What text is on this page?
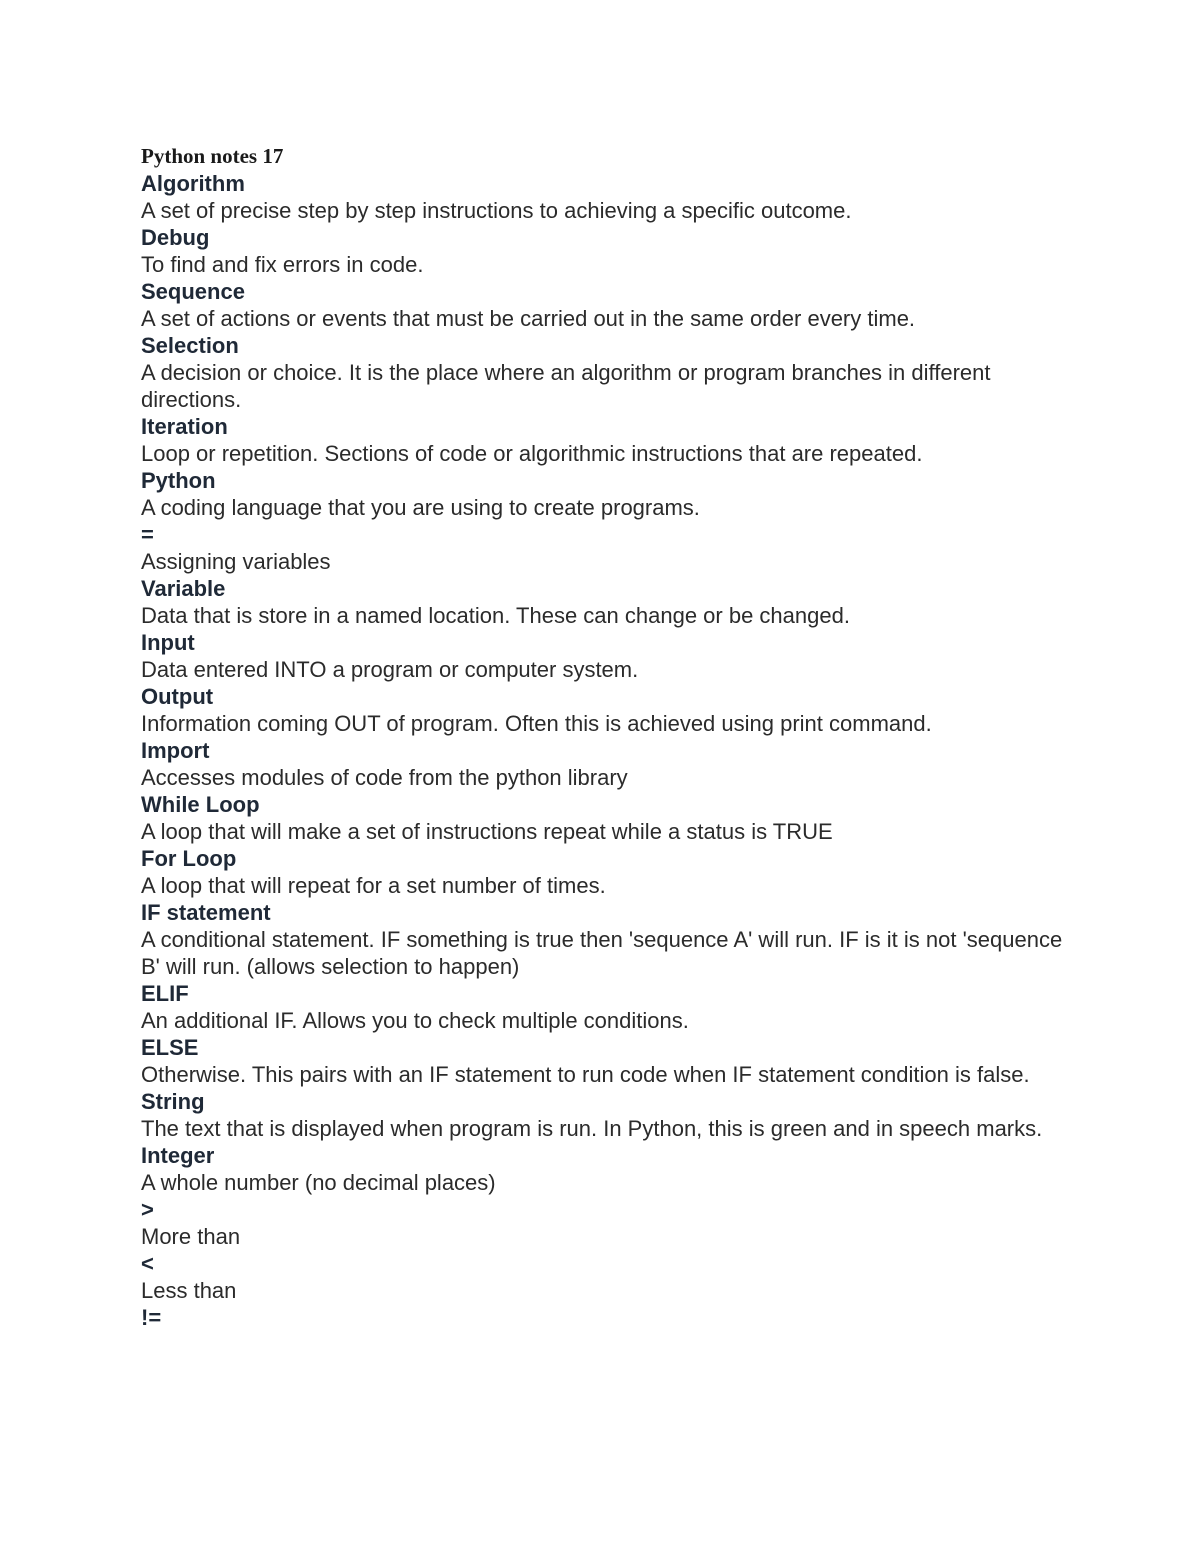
Python notes 17

Algorithm

A set of precise step by step instructions to achieving a specific outcome.

Debug

To find and fix errors in code.

Sequence

A set of actions or events that must be carried out in the same order every time.

Selection

A decision or choice. It is the place where an algorithm or program branches in different directions.

Iteration

Loop or repetition. Sections of code or algorithmic instructions that are repeated.

Python

A coding language that you are using to create programs.

=

Assigning variables

Variable

Data that is store in a named location. These can change or be changed.

Input

Data entered INTO a program or computer system.

Output

Information coming OUT of program. Often this is achieved using print command.

Import

Accesses modules of code from the python library

While Loop

A loop that will make a set of instructions repeat while a status is TRUE

For Loop

A loop that will repeat for a set number of times.

IF statement

A conditional statement. IF something is true then 'sequence A' will run. IF is it is not 'sequence B' will run. (allows selection to happen)

ELIF

An additional IF. Allows you to check multiple conditions.

ELSE

Otherwise. This pairs with an IF statement to run code when IF statement condition is false.

String

The text that is displayed when program is run. In Python, this is green and in speech marks.

Integer

A whole number (no decimal places)

>

More than

<

Less than

!=
